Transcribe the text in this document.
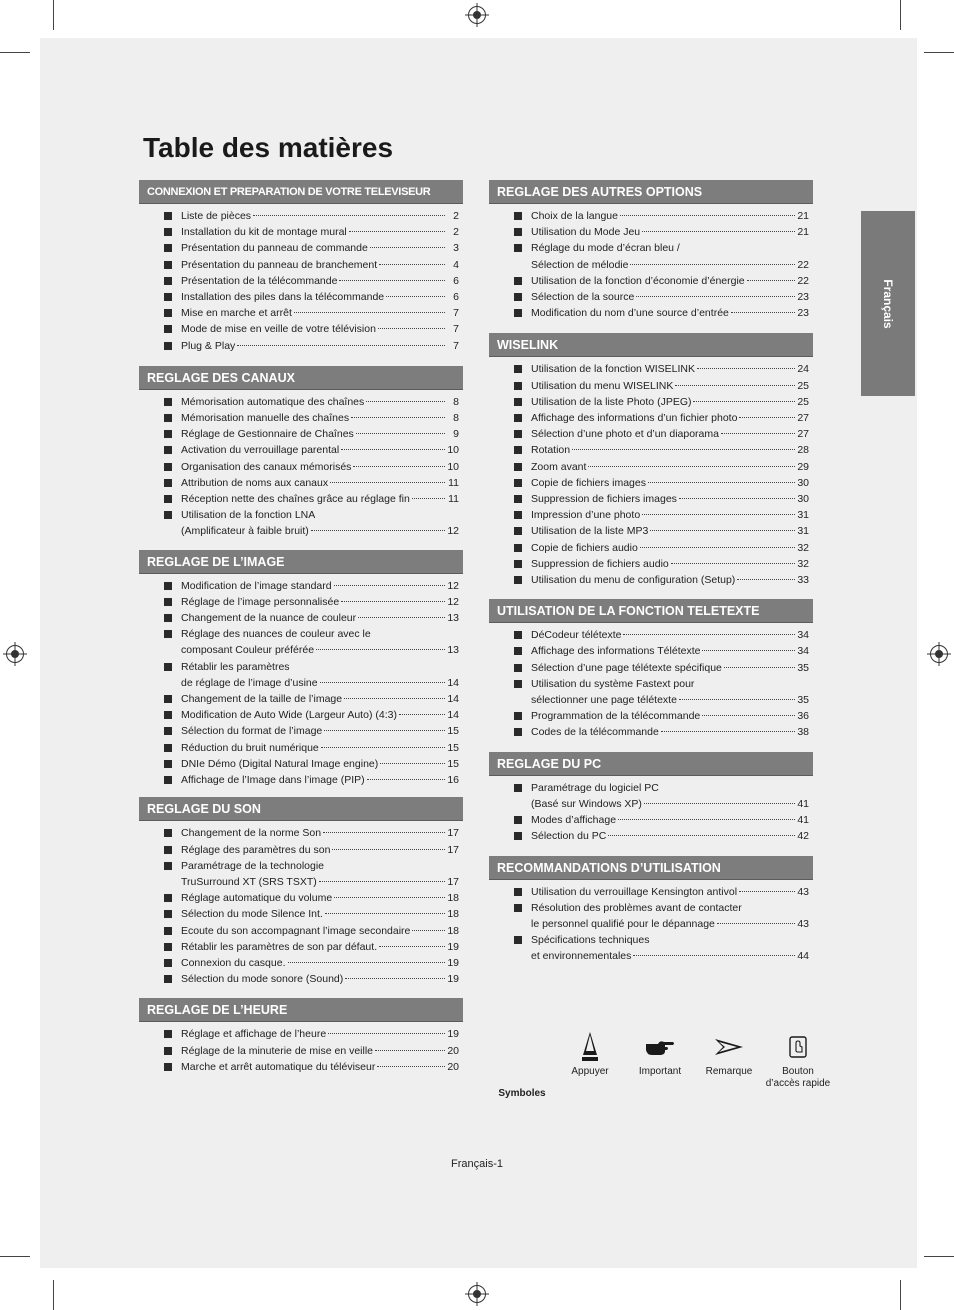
Table des matières
Français
CONNEXION ET PREPARATION DE VOTRE TELEVISEUR
Liste de pièces	2
Installation du kit de montage mural	2
Présentation du panneau de commande	3
Présentation du panneau de branchement	4
Présentation de la télécommande	6
Installation des piles dans la télécommande	6
Mise en marche et arrêt	7
Mode de mise en veille de votre télévision	7
Plug & Play	7
REGLAGE DES CANAUX
Mémorisation automatique des chaînes	8
Mémorisation manuelle des chaînes	8
Réglage de Gestionnaire de Chaînes	9
Activation du verrouillage parental	10
Organisation des canaux mémorisés	10
Attribution de noms aux canaux	11
Réception nette des chaînes grâce au réglage fin	11
Utilisation de la fonction LNA
(Amplificateur à faible bruit)	12
REGLAGE DE L’IMAGE
Modification de l’image standard	12
Réglage de l’image personnalisée	12
Changement de la nuance de couleur	13
Réglage des nuances de couleur avec le
composant Couleur préférée	13
Rétablir les paramètres
de réglage de l’image d’usine	14
Changement de la taille de l’image	14
Modification de Auto Wide (Largeur Auto) (4:3)	14
Sélection du format de l’image	15
Réduction du bruit numérique	15
DNIe Démo (Digital Natural Image engine)	15
Affichage de l’Image dans l’image (PIP)	16
REGLAGE DU SON
Changement de la norme Son	17
Réglage des paramètres du son	17
Paramétrage de la technologie
TruSurround XT (SRS TSXT)	17
Réglage automatique du volume	18
Sélection du mode Silence Int.	18
Ecoute du son accompagnant l’image secondaire	18
Rétablir les paramètres de son par défaut.	19
Connexion du casque.	19
Sélection du mode sonore (Sound)	19
REGLAGE DE L’HEURE
Réglage et affichage de l’heure	19
Réglage de la minuterie de mise en veille	20
Marche et arrêt automatique du téléviseur	20
REGLAGE DES AUTRES OPTIONS
Choix de la langue	21
Utilisation du Mode Jeu	21
Réglage du mode d’écran bleu /
Sélection de mélodie	22
Utilisation de la fonction d’économie d’énergie	22
Sélection de la source	23
Modification du nom d’une source d’entrée	23
WISELINK
Utilisation de la fonction WISELINK	24
Utilisation du menu WISELINK	25
Utilisation de la liste Photo (JPEG)	25
Affichage des informations d’un fichier photo	27
Sélection d’une photo et d’un diaporama	27
Rotation	28
Zoom avant	29
Copie de fichiers images	30
Suppression de fichiers images	30
Impression d’une photo	31
Utilisation de la liste MP3	31
Copie de fichiers audio	32
Suppression de fichiers audio	32
Utilisation du menu de configuration (Setup)	33
UTILISATION DE LA FONCTION TELETEXTE
DéCodeur télétexte	34
Affichage des informations Télétexte	34
Sélection d’une page télétexte spécifique	35
Utilisation du système Fastext pour
sélectionner une page télétexte	35
Programmation de la télécommande	36
Codes de la télécommande	38
REGLAGE DU PC
Paramétrage du logiciel PC
(Basé sur Windows XP)	41
Modes d’affichage	41
Sélection du PC	42
RECOMMANDATIONS D’UTILISATION
Utilisation du verrouillage Kensington antivol	43
Résolution des problèmes avant de contacter
le personnel qualifié pour le dépannage	43
Spécifications techniques
et environnementales	44
Symboles
Appuyer	Important	Remarque	Bouton d’accès rapide
Français-1
